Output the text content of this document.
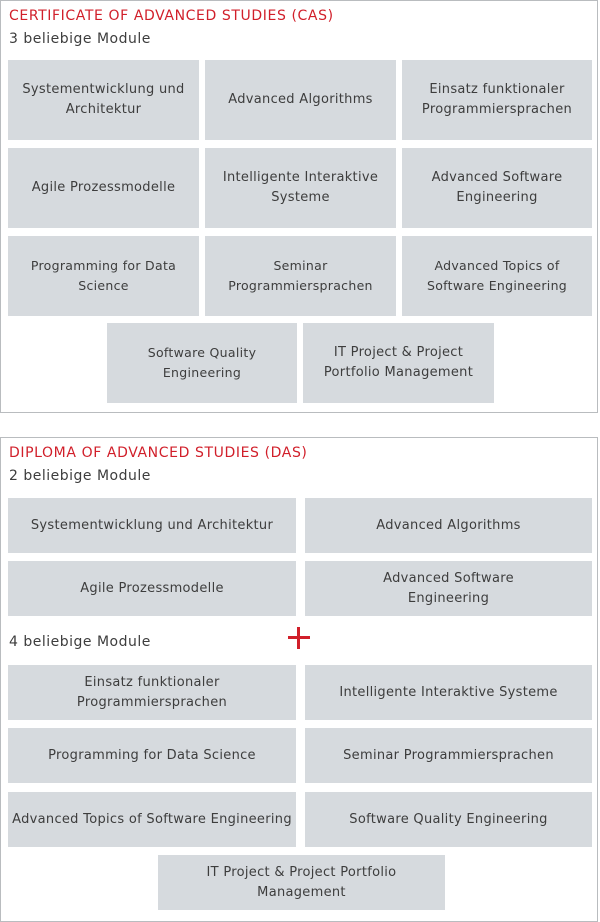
CERTIFICATE OF ADVANCED STUDIES (CAS)
3 beliebige Module
Systementwicklung und Architektur
Advanced Algorithms
Einsatz funktionaler Programmiersprachen
Agile Prozessmodelle
Intelligente Interaktive Systeme
Advanced Software Engineering
Programming for Data Science
Seminar Programmiersprachen
Advanced Topics of Software Engineering
Software Quality Engineering
IT Project & Project Portfolio Management
DIPLOMA OF ADVANCED STUDIES (DAS)
2 beliebige Module
Systementwicklung und Architektur	Advanced Algorithms
Agile Prozessmodelle
Advanced Software Engineering
4 beliebige Module
Einsatz funktionaler Programmiersprachen
Intelligente Interaktive Systeme
Programming for Data Science	Seminar Programmiersprachen
Advanced Topics of Software Engineering	Software Quality Engineering
IT Project & Project Portfolio Management
